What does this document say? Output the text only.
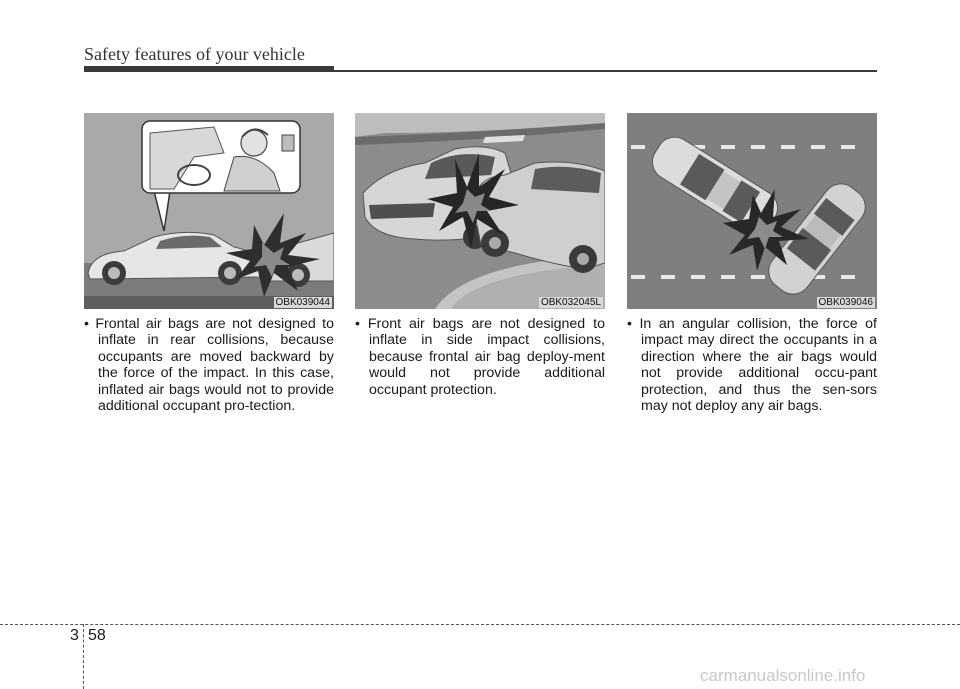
Safety features of your vehicle
OBK039044
• Frontal air bags are not designed to inflate in rear collisions, because occupants are moved backward by the force of the impact. In this case, inflated air bags would not to provide additional occupant pro-tection.
OBK032045L
• Front air bags are not designed to inflate in side impact collisions, because frontal air bag deploy-ment would not provide additional occupant protection.
OBK039046
• In an angular collision, the force of impact may direct the occupants in a direction where the air bags would not provide additional occu-pant protection, and thus the sen-sors may not deploy any air bags.
3 58
carmanualsonline.info
